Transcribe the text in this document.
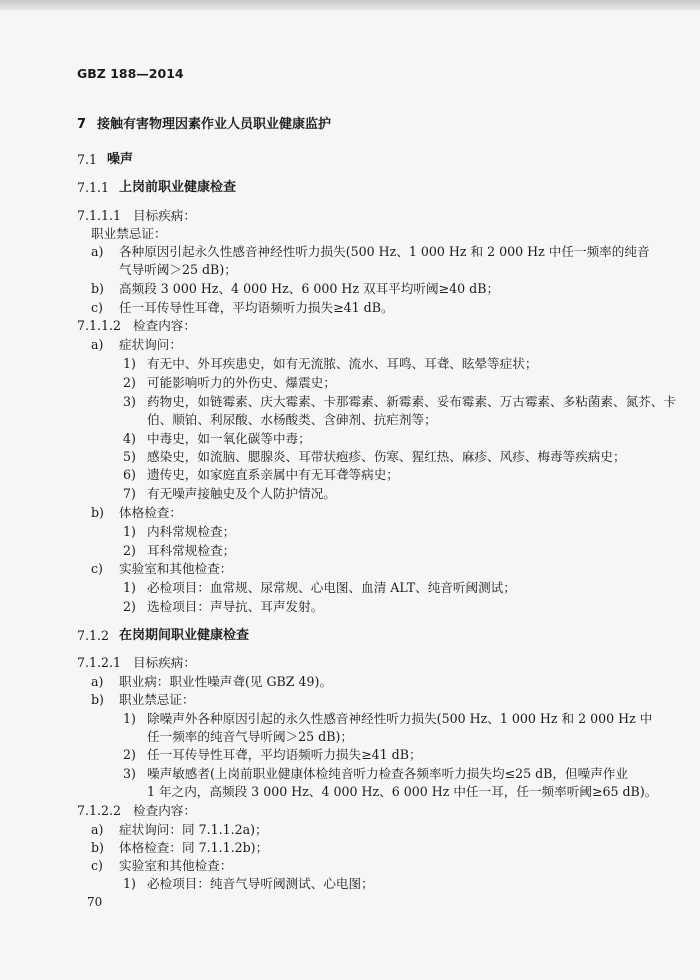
GBZ 188—2014
7 接触有害物理因素作业人员职业健康监护
7.1 噪声
7.1.1 上岗前职业健康检查
7.1.1.1 目标疾病：
职业禁忌证：
a) 各种原因引起永久性感音神经性听力损失(500 Hz、1 000 Hz 和 2 000 Hz 中任一频率的纯音
气导听阈＞25 dB)；
b) 高频段 3 000 Hz、4 000 Hz、6 000 Hz 双耳平均听阈≥40 dB；
c) 任一耳传导性耳聋，平均语频听力损失≥41 dB。
7.1.1.2 检查内容：
a) 症状询问：
1) 有无中、外耳疾患史，如有无流脓、流水、耳鸣、耳聋、眩晕等症状；
2) 可能影响听力的外伤史、爆震史；
3) 药物史，如链霉素、庆大霉素、卡那霉素、新霉素、妥布霉素、万古霉素、多粘菌素、氮芥、卡
伯、顺铂、利尿酸、水杨酸类、含砷剂、抗疟剂等；
4) 中毒史，如一氧化碳等中毒；
5) 感染史，如流脑、腮腺炎、耳带状疱疹、伤寒、猩红热、麻疹、风疹、梅毒等疾病史；
6) 遗传史，如家庭直系亲属中有无耳聋等病史；
7) 有无噪声接触史及个人防护情况。
b) 体格检查：
1) 内科常规检查；
2) 耳科常规检查；
c) 实验室和其他检查：
1) 必检项目：血常规、尿常规、心电图、血清 ALT、纯音听阈测试；
2) 选检项目：声导抗、耳声发射。
7.1.2 在岗期间职业健康检查
7.1.2.1 目标疾病：
a) 职业病：职业性噪声聋(见 GBZ 49)。
b) 职业禁忌证：
1) 除噪声外各种原因引起的永久性感音神经性听力损失(500 Hz、1 000 Hz 和 2 000 Hz 中
任一频率的纯音气导听阈＞25 dB)；
2) 任一耳传导性耳聋，平均语频听力损失≥41 dB；
3) 噪声敏感者(上岗前职业健康体检纯音听力检查各频率听力损失均≤25 dB，但噪声作业
1 年之内，高频段 3 000 Hz、4 000 Hz、6 000 Hz 中任一耳，任一频率听阈≥65 dB)。
7.1.2.2 检查内容：
a) 症状询问：同 7.1.1.2a)；
b) 体格检查：同 7.1.1.2b)；
c) 实验室和其他检查：
1) 必检项目：纯音气导听阈测试、心电图；
70
